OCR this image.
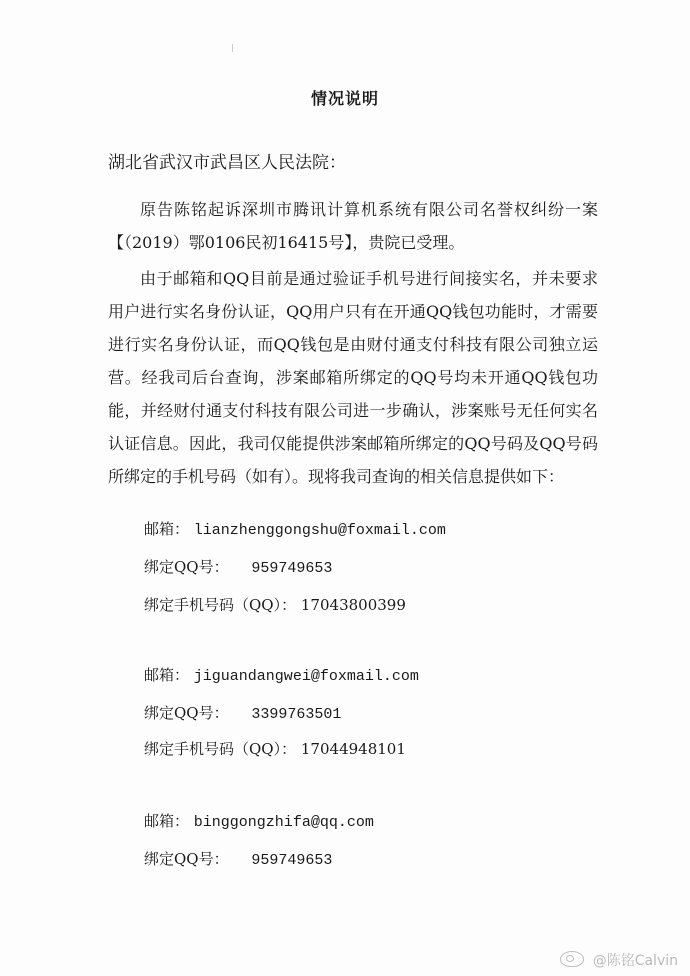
情况说明
湖北省武汉市武昌区人民法院：

原告陈铭起诉深圳市腾讯计算机系统有限公司名誉权纠纷一案【（2019）鄂0106民初16415号】，贵院已受理。

由于邮箱和QQ目前是通过验证手机号进行间接实名，并未要求用户进行实名身份认证，QQ用户只有在开通QQ钱包功能时，才需要进行实名身份认证，而QQ钱包是由财付通支付科技有限公司独立运营。经我司后台查询，涉案邮箱所绑定的QQ号均未开通QQ钱包功能，并经财付通支付科技有限公司进一步确认，涉案账号无任何实名认证信息。因此，我司仅能提供涉案邮箱所绑定的QQ号码及QQ号码所绑定的手机号码（如有）。现将我司查询的相关信息提供如下：

邮箱： lianzhenggongshu@foxmail.com
绑定QQ号： 959749653
绑定手机号码（QQ）： 17043800399
邮箱： jiguandangwei@foxmail.com
绑定QQ号： 3399763501
绑定手机号码（QQ）： 17044948101
邮箱： binggongzhifa@qq.com
绑定QQ号： 959749653
@陈铭Calvin
